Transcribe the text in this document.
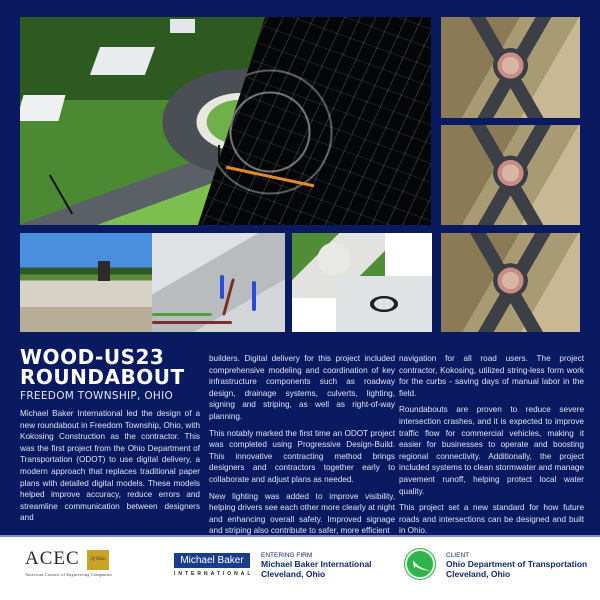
WOOD-US23
ROUNDABOUT
FREEDOM TOWNSHIP, OHIO

Michael Baker International led the design of a new roundabout in Freedom Township, Ohio, with Kokosing Construction as the contractor. This was the first project from the Ohio Department of Transportation (ODOT) to use digital delivery, a modern approach that replaces traditional paper plans with detailed digital models. These models helped improve accuracy, reduce errors and streamline communication between designers and

builders. Digital delivery for this project included comprehensive modeling and coordination of key infrastructure components such as roadway design, drainage systems, culverts, lighting, signing and striping, as well as right-of-way planning.

This notably marked the first time an ODOT project was completed using Progressive Design-Build. This innovative contracting method brings designers and contractors together early to collaborate and adjust plans as needed.

New lighting was added to improve visibility, helping drivers see each other more clearly at night and enhancing overall safety. Improved signage and striping also contribute to safer, more efficient

navigation for all road users. The project contractor, Kokosing, utilized string-less form work for the curbs - saving days of manual labor in the field.

Roundabouts are proven to reduce severe intersection crashes, and it is expected to improve traffic flow for commercial vehicles, making it easier for businesses to operate and boosting regional connectivity. Additionally, the project included systems to clean stormwater and manage pavement runoff, helping protect local water quality.

This project set a new standard for how future roads and intersections can be designed and built in Ohio.

ACEC	of Ohio
American Council of Engineering Companies
Michael Baker
INTERNATIONAL
ENTERING FIRM
Michael Baker International
Cleveland, Ohio
CLIENT
Ohio Department of Transportation
Cleveland, Ohio
